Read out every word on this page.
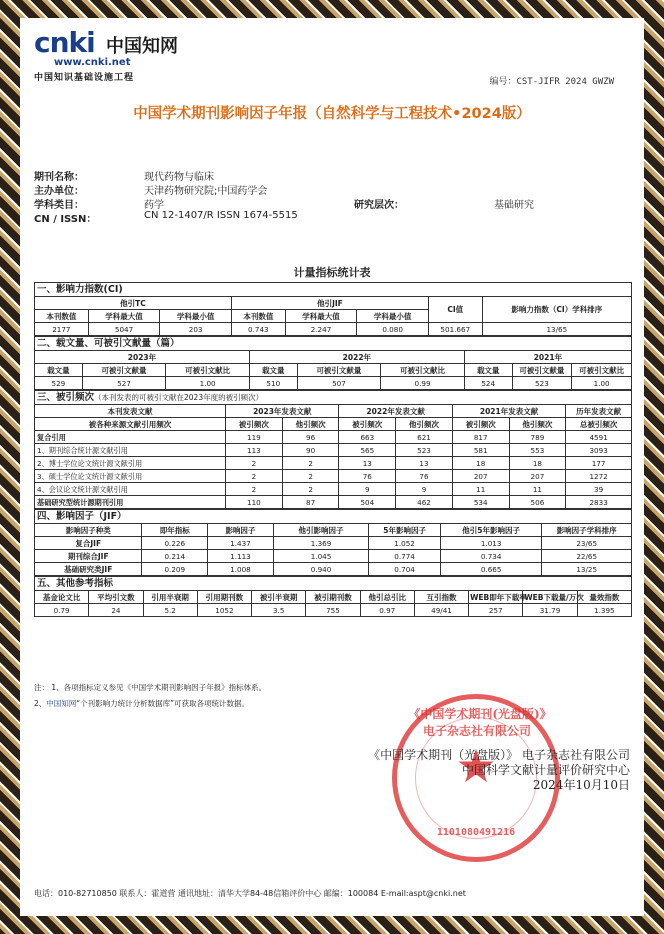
cnki 中国知网
www.cnki.net
中国知识基础设施工程	编号：CST-JIFR 2024 GWZW
中国学术期刊影响因子年报（自然科学与工程技术•2024版）
期刊名称：	现代药物与临床
主办单位：	天津药物研究院;中国药学会
学科类目：	药学	研究层次：	基础研究
CN / ISSN：	CN 12-1407/R ISSN 1674-5515
计量指标统计表
一、影响力指数(CI)
他引TC			他引JIF			CI值	影响力指数（CI）学科排序
本刊数值	学科最大值	学科最小值	本刊数值	学科最大值	学科最小值		
2177	5047	203	0.743	2.247	0.080	501.667	13/65
二、载文量、可被引文献量（篇）
2023年			2022年			2021年		
载文量	可被引文献量	可被引文献比	载文量	可被引文献量	可被引文献比	载文量	可被引文献量	可被引文献比
529	527	1.00	510	507	0.99	524	523	1.00
三、被引频次（本刊发表的可被引文献在2023年度的被引频次）
本刊发表文献	2023年发表文献		2022年发表文献		2021年发表文献		历年发表文献
被各种来源文献引用频次	被引频次	他引频次	被引频次	他引频次	被引频次	他引频次	总被引频次
复合引用	119	96	663	621	817	789	4591
1、期刊综合统计源文献引用	113	90	565	523	581	553	3093
2、博士学位论文统计源文献引用	2	2	13	13	18	18	177
3、硕士学位论文统计源文献引用	2	2	76	76	207	207	1272
4、会议论文统计源文献引用	2	2	9	9	11	11	39
基础研究型统计源期刊引用	110	87	504	462	534	506	2833
四、影响因子（JIF）
影响因子种类	即年指标	影响因子	他引影响因子	5年影响因子	他引5年影响因子	影响因子学科排序
复合JIF	0.226	1.437	1.369	1.052	1.013	23/65
期刊综合JIF	0.214	1.113	1.045	0.774	0.734	22/65
基础研究类JIF	0.209	1.008	0.940	0.704	0.665	13/25
五、其他参考指标
基金论文比	平均引文数	引用半衰期	引用期刊数	被引半衰期	被引期刊数	他引总引比	互引指数	WEB即年下载率	WEB下载量/万次	量效指数
0.79	24	5.2	1052	3.5	755	0.97	49/41	257	31.79	1.395
注： 1、各项指标定义参见《中国学术期刊影响因子年报》指标体系。
2、中国知网“个刊影响力统计分析数据库”可获取各项统计数据。
《中国学术期刊(光盘版)》电子杂志社有限公司
★
1101080491216
《中国学术期刊（光盘版）》 电子杂志社有限公司
中国科学文献计量评价研究中心
2024年10月10日
电话：010-82710850 联系人：霍道营 通讯地址：清华大学84-48信箱评价中心 邮编：100084 E-mail:aspt@cnki.net
